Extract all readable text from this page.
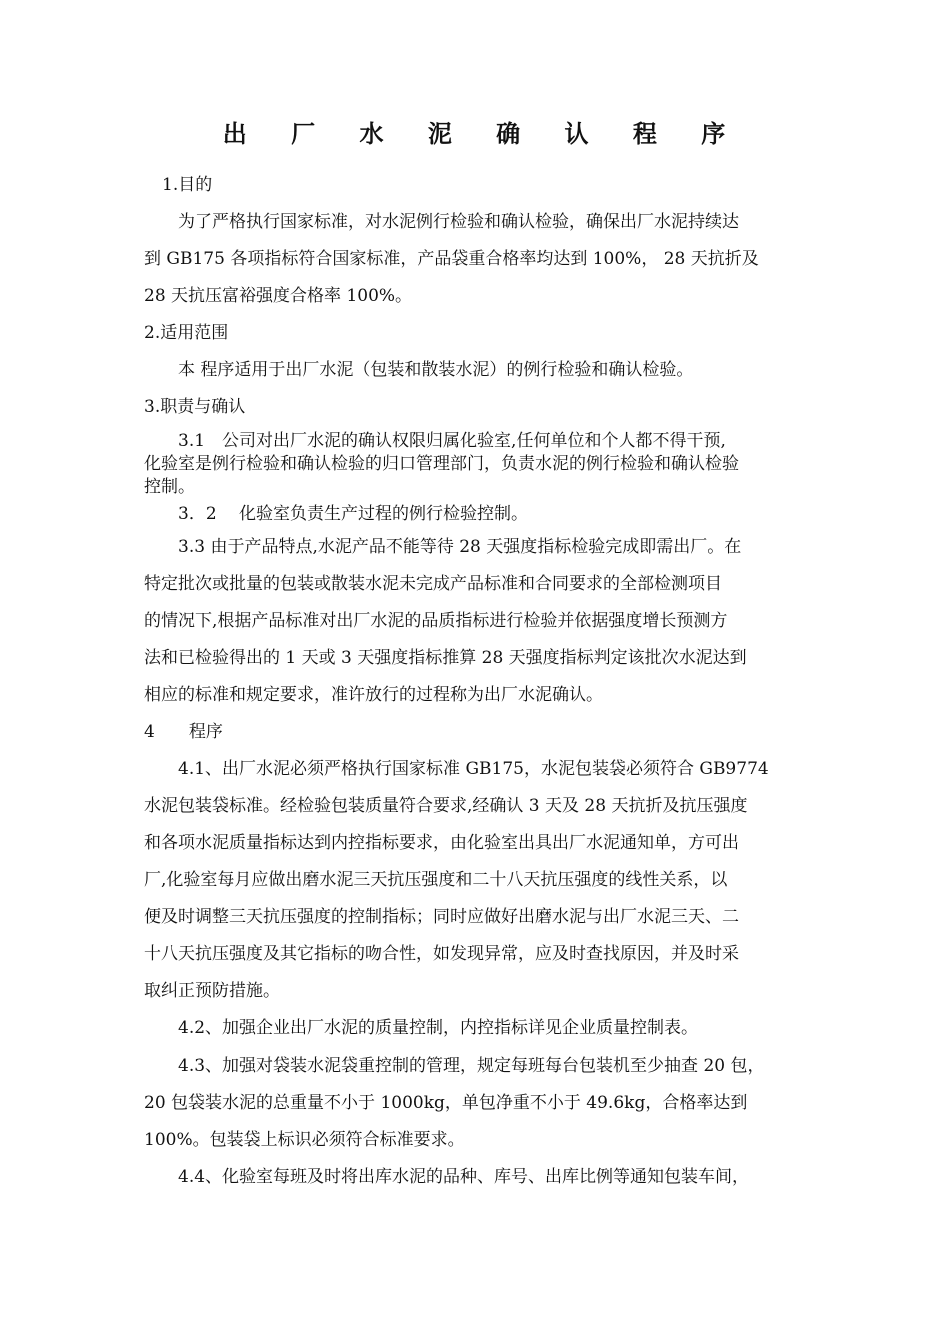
出 厂 水 泥 确 认 程 序

1.目的

为了严格执行国家标准，对水泥例行检验和确认检验，确保出厂水泥持续达

到 GB175 各项指标符合国家标准，产品袋重合格率均达到 100%， 28 天抗折及

28 天抗压富裕强度合格率 100%。

2.适用范围

本 程序适用于出厂水泥（包装和散装水泥）的例行检验和确认检验。

3.职责与确认

3.1　公司对出厂水泥的确认权限归属化验室,任何单位和个人都不得干预,

化验室是例行检验和确认检验的归口管理部门，负责水泥的例行检验和确认检验

控制。

3．2　 化验室负责生产过程的例行检验控制。

3.3 由于产品特点,水泥产品不能等待 28 天强度指标检验完成即需出厂。在

特定批次或批量的包装或散装水泥未完成产品标准和合同要求的全部检测项目

的情况下,根据产品标准对出厂水泥的品质指标进行检验并依据强度增长预测方

法和已检验得出的 1 天或 3 天强度指标推算 28 天强度指标判定该批次水泥达到

相应的标准和规定要求，准许放行的过程称为出厂水泥确认。

4　　程序

4.1、出厂水泥必须严格执行国家标准 GB175，水泥包装袋必须符合 GB9774

水泥包装袋标准。经检验包装质量符合要求,经确认 3 天及 28 天抗折及抗压强度

和各项水泥质量指标达到内控指标要求，由化验室出具出厂水泥通知单，方可出

厂,化验室每月应做出磨水泥三天抗压强度和二十八天抗压强度的线性关系，以

便及时调整三天抗压强度的控制指标；同时应做好出磨水泥与出厂水泥三天、二

十八天抗压强度及其它指标的吻合性，如发现异常，应及时查找原因，并及时采

取纠正预防措施。

4.2、加强企业出厂水泥的质量控制，内控指标详见企业质量控制表。

4.3、加强对袋装水泥袋重控制的管理，规定每班每台包装机至少抽查 20 包，

20 包袋装水泥的总重量不小于 1000kg，单包净重不小于 49.6kg，合格率达到

100%。包装袋上标识必须符合标准要求。

4.4、化验室每班及时将出库水泥的品种、库号、出库比例等通知包装车间，
